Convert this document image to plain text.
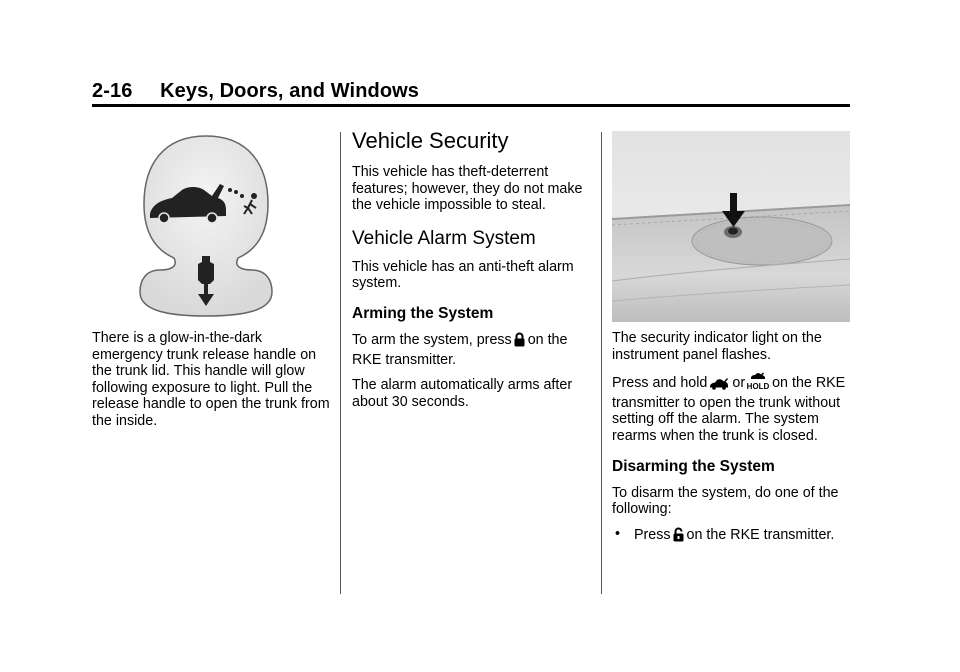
2-16 Keys, Doors, and Windows

There is a glow-in-the-dark emergency trunk release handle on the trunk lid. This handle will glow following exposure to light. Pull the release handle to open the trunk from the inside.

Vehicle Security

This vehicle has theft-deterrent features; however, they do not make the vehicle impossible to steal.

Vehicle Alarm System

This vehicle has an anti-theft alarm system.

Arming the System

To arm the system, press on the RKE transmitter.

The alarm automatically arms after about 30 seconds.

The security indicator light on the instrument panel flashes.

Press and hold or HOLD on the RKE transmitter to open the trunk without setting off the alarm. The system rearms when the trunk is closed.

Disarming the System

To disarm the system, do one of the following:

• Press on the RKE transmitter.
